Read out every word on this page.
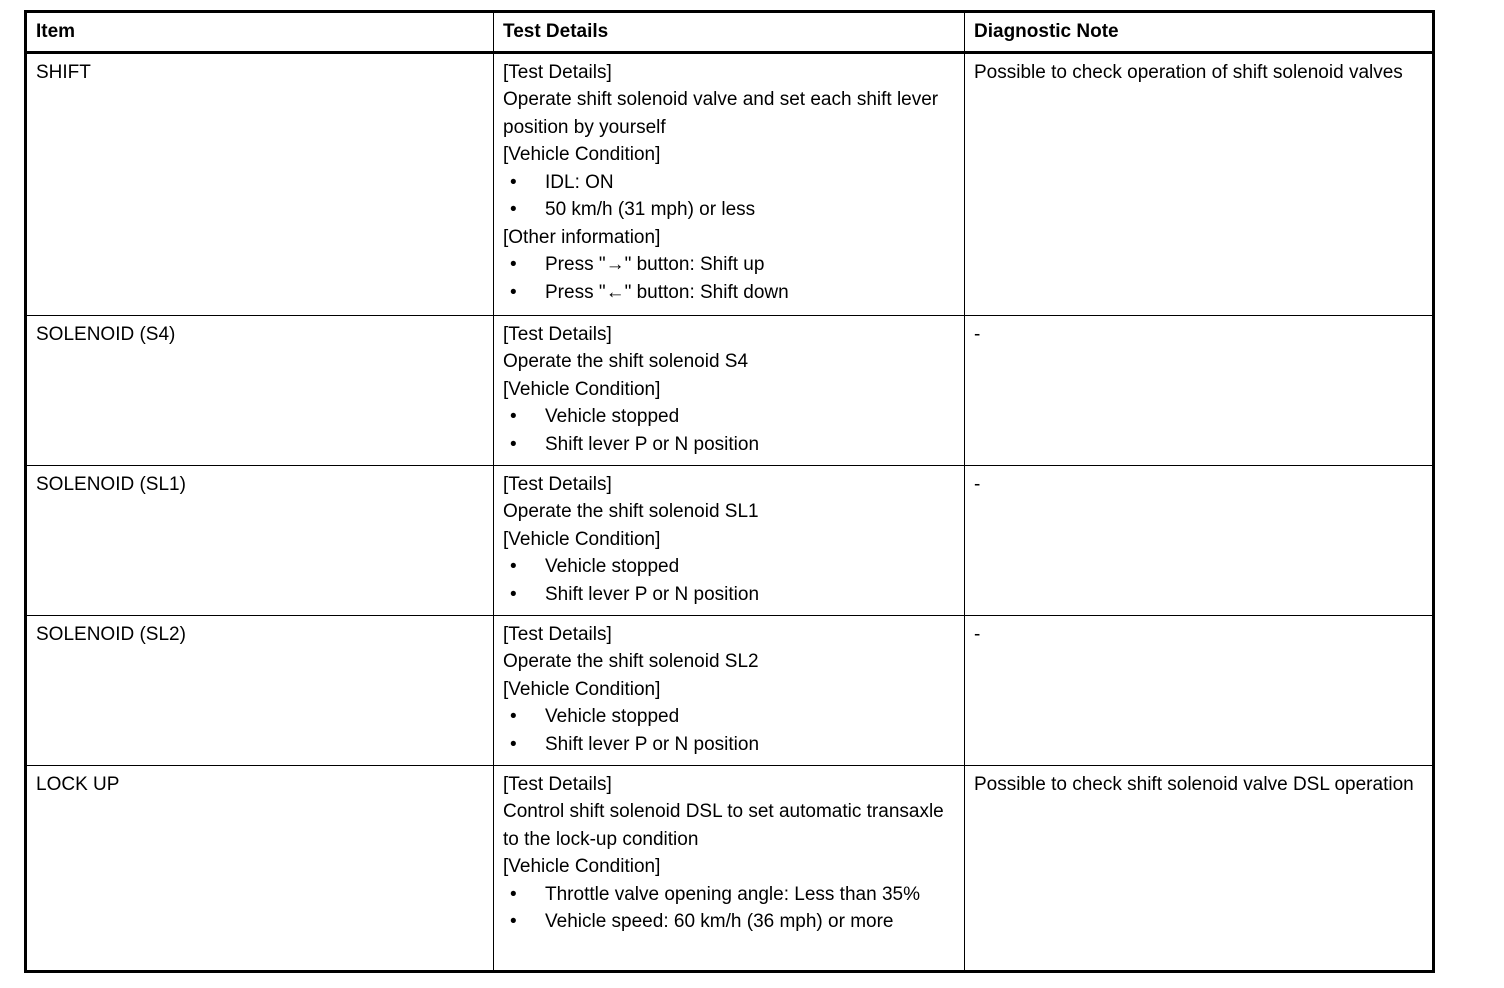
Item	Test Details	Diagnostic Note
SHIFT	[Test Details]
Operate shift solenoid valve and set each shift lever position by yourself
[Vehicle Condition]
•	IDL: ON
•	50 km/h (31 mph) or less
[Other information]
•	Press "→" button: Shift up
•	Press "←" button: Shift down
	Possible to check operation of shift solenoid valves
SOLENOID (S4)	[Test Details]
Operate the shift solenoid S4
[Vehicle Condition]
•	Vehicle stopped
•	Shift lever P or N position
	-
SOLENOID (SL1)	[Test Details]
Operate the shift solenoid SL1
[Vehicle Condition]
•	Vehicle stopped
•	Shift lever P or N position
	-
SOLENOID (SL2)	[Test Details]
Operate the shift solenoid SL2
[Vehicle Condition]
•	Vehicle stopped
•	Shift lever P or N position
	-
LOCK UP	[Test Details]
Control shift solenoid DSL to set automatic transaxle to the lock-up condition
[Vehicle Condition]
•	Throttle valve opening angle: Less than 35%
•	Vehicle speed: 60 km/h (36 mph) or more
	Possible to check shift solenoid valve DSL operation
